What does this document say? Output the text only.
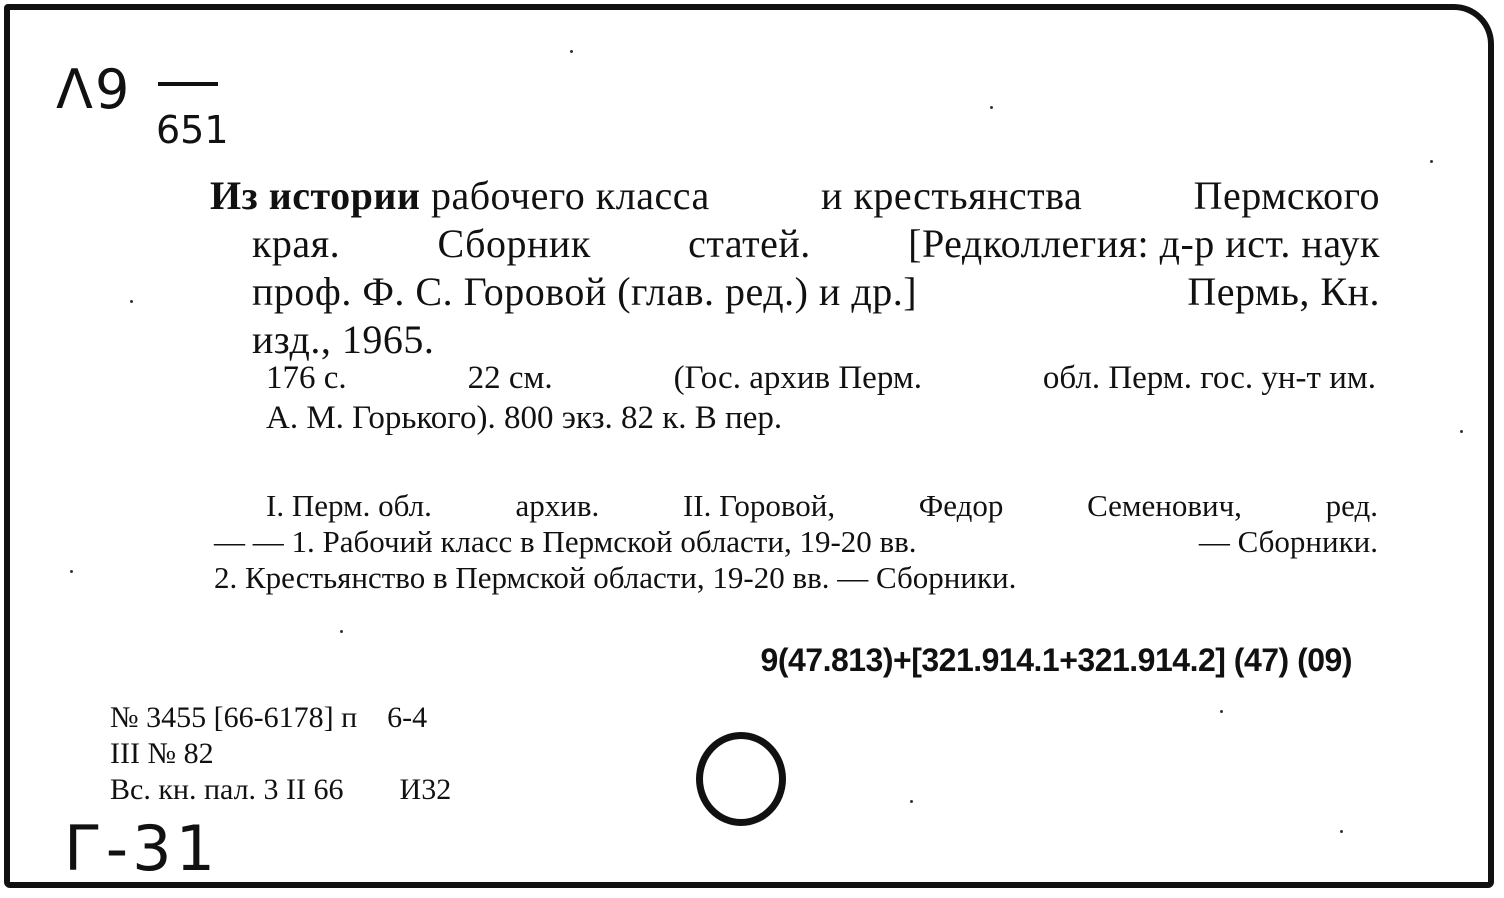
Λ9
651
Из истории рабочего класса	и крестьянства	Пермского
края. Сборник статей. [Редколлегия: д-р ист. наук
проф. Ф. С. Горовой (глав. ред.) и др.]	Пермь, Кн.
изд., 1965.
176 с.	22 см.	(Гос. архив Перм.	обл. Перм. гос. ун-т им.
А. М. Горького). 800 экз. 82 к. В пер.
I. Перм. обл.	архив.	II. Горовой,	Федор	Семенович,	ред.
— — 1. Рабочий класс в Пермской области, 19-20 вв.	— Сборники.
2. Крестьянство в Пермской области, 19-20 вв. — Сборники.
9(47.813)+[321.914.1+321.914.2] (47) (09)
№ 3455 [66-6178] п 6-4
III № 82
Вс. кн. пал. 3 II 66 И32
Г-31
